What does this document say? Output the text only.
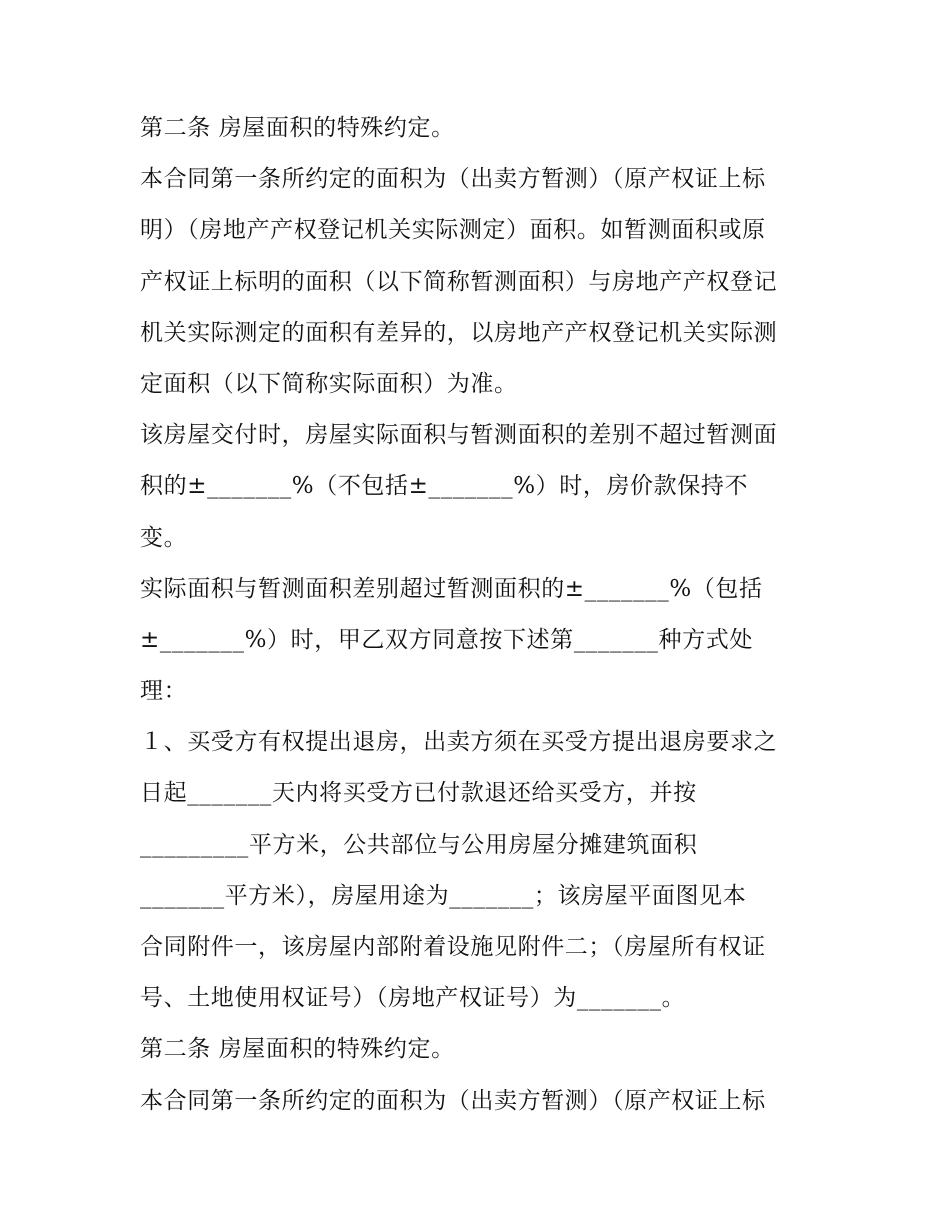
第二条 房屋面积的特殊约定。
本合同第一条所约定的面积为（出卖方暂测）（原产权证上标
明）（房地产产权登记机关实际测定）面积。如暂测面积或原
产权证上标明的面积（以下简称暂测面积）与房地产产权登记
机关实际测定的面积有差异的，以房地产产权登记机关实际测
定面积（以下简称实际面积）为准。
该房屋交付时，房屋实际面积与暂测面积的差别不超过暂测面
积的±_______%（不包括±_______%）时，房价款保持不
变。
实际面积与暂测面积差别超过暂测面积的±_______%（包括
±_______%）时，甲乙双方同意按下述第_______种方式处
理：
１、买受方有权提出退房，出卖方须在买受方提出退房要求之
日起_______天内将买受方已付款退还给买受方，并按
_________平方米，公共部位与公用房屋分摊建筑面积
_______平方米），房屋用途为_______；该房屋平面图见本
合同附件一，该房屋内部附着设施见附件二；（房屋所有权证
号、土地使用权证号）（房地产权证号）为_______。
第二条 房屋面积的特殊约定。
本合同第一条所约定的面积为（出卖方暂测）（原产权证上标
